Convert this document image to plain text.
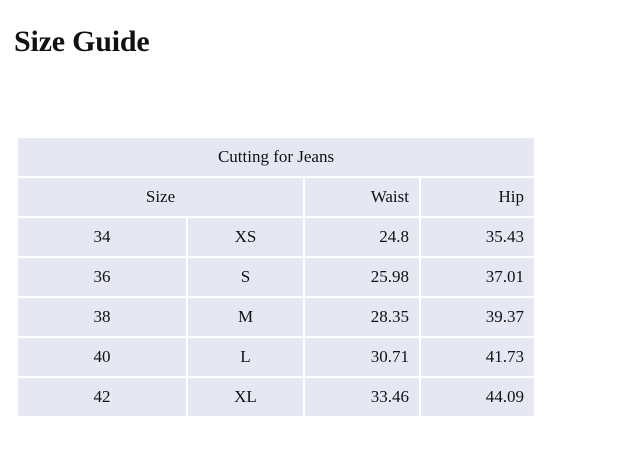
Size Guide
Cutting for Jeans			
Size		Waist	Hip
34	XS	24.8	35.43
36	S	25.98	37.01
38	M	28.35	39.37
40	L	30.71	41.73
42	XL	33.46	44.09
